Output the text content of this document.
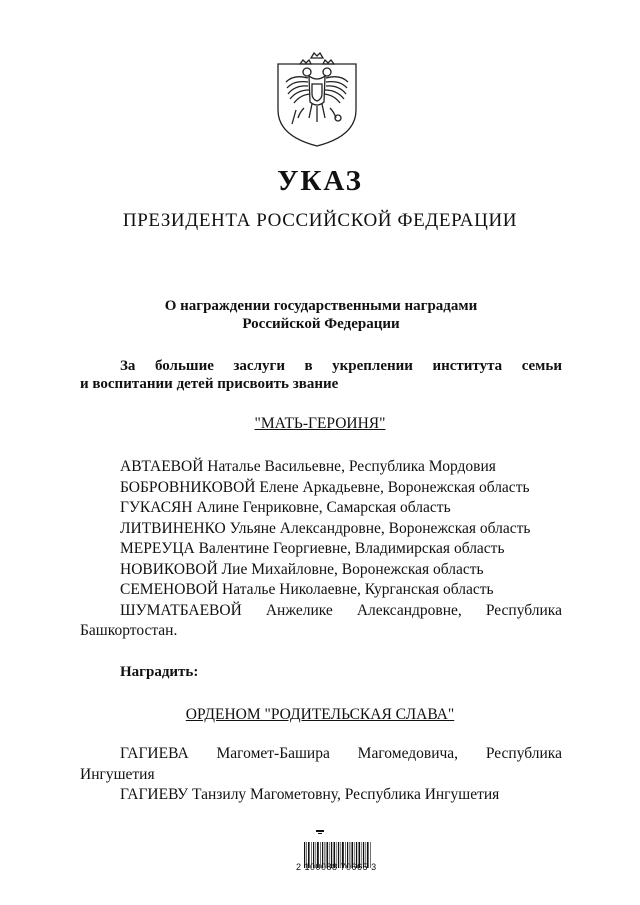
УКАЗ
ПРЕЗИДЕНТА РОССИЙСКОЙ ФЕДЕРАЦИИ
О награждении государственными наградами
Российской Федерации
За большие заслуги в укреплении института семьи
и воспитании детей присвоить звание
"МАТЬ-ГЕРОИНЯ"
АВТАЕВОЙ Наталье Васильевне, Республика Мордовия
БОБРОВНИКОВОЙ Елене Аркадьевне, Воронежская область
ГУКАСЯН Алине Генриковне, Самарская область
ЛИТВИНЕНКО Ульяне Александровне, Воронежская область
МЕРЕУЦА Валентине Георгиевне, Владимирская область
НОВИКОВОЙ Лие Михайловне, Воронежская область
СЕМЕНОВОЙ Наталье Николаевне, Курганская область
ШУМАТБАЕВОЙ Анжелике Александровне, Республика
Башкортостан.
Наградить:
ОРДЕНОМ "РОДИТЕЛЬСКАЯ СЛАВА"
ГАГИЕВА Магомет-Башира Магомедовича, Республика
Ингушетия
ГАГИЕВУ Танзилу Магометовну, Республика Ингушетия
2 100088 70665 3
